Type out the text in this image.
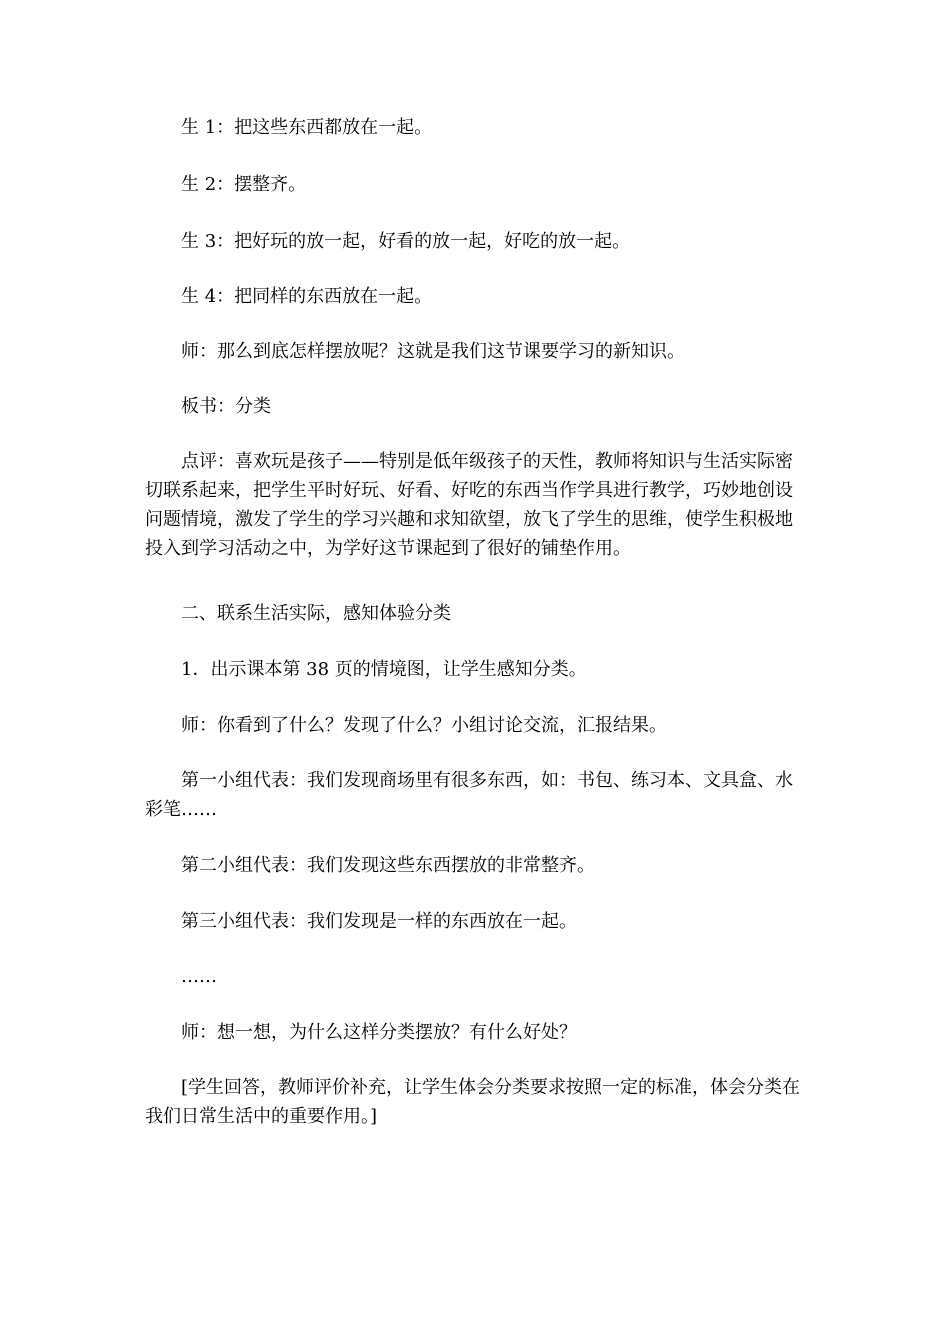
生 1：把这些东西都放在一起。

生 2：摆整齐。

生 3：把好玩的放一起，好看的放一起，好吃的放一起。

生 4：把同样的东西放在一起。

师：那么到底怎样摆放呢？这就是我们这节课要学习的新知识。

板书：分类

点评：喜欢玩是孩子——特别是低年级孩子的天性，教师将知识与生活实际密切联系起来，把学生平时好玩、好看、好吃的东西当作学具进行教学，巧妙地创设问题情境，激发了学生的学习兴趣和求知欲望，放飞了学生的思维，使学生积极地投入到学习活动之中，为学好这节课起到了很好的铺垫作用。

二、联系生活实际，感知体验分类

1．出示课本第 38 页的情境图，让学生感知分类。

师：你看到了什么？发现了什么？小组讨论交流，汇报结果。

第一小组代表：我们发现商场里有很多东西，如：书包、练习本、文具盒、水彩笔……

第二小组代表：我们发现这些东西摆放的非常整齐。

第三小组代表：我们发现是一样的东西放在一起。

……

师：想一想，为什么这样分类摆放？有什么好处？

[学生回答，教师评价补充，让学生体会分类要求按照一定的标准，体会分类在我们日常生活中的重要作用。]
